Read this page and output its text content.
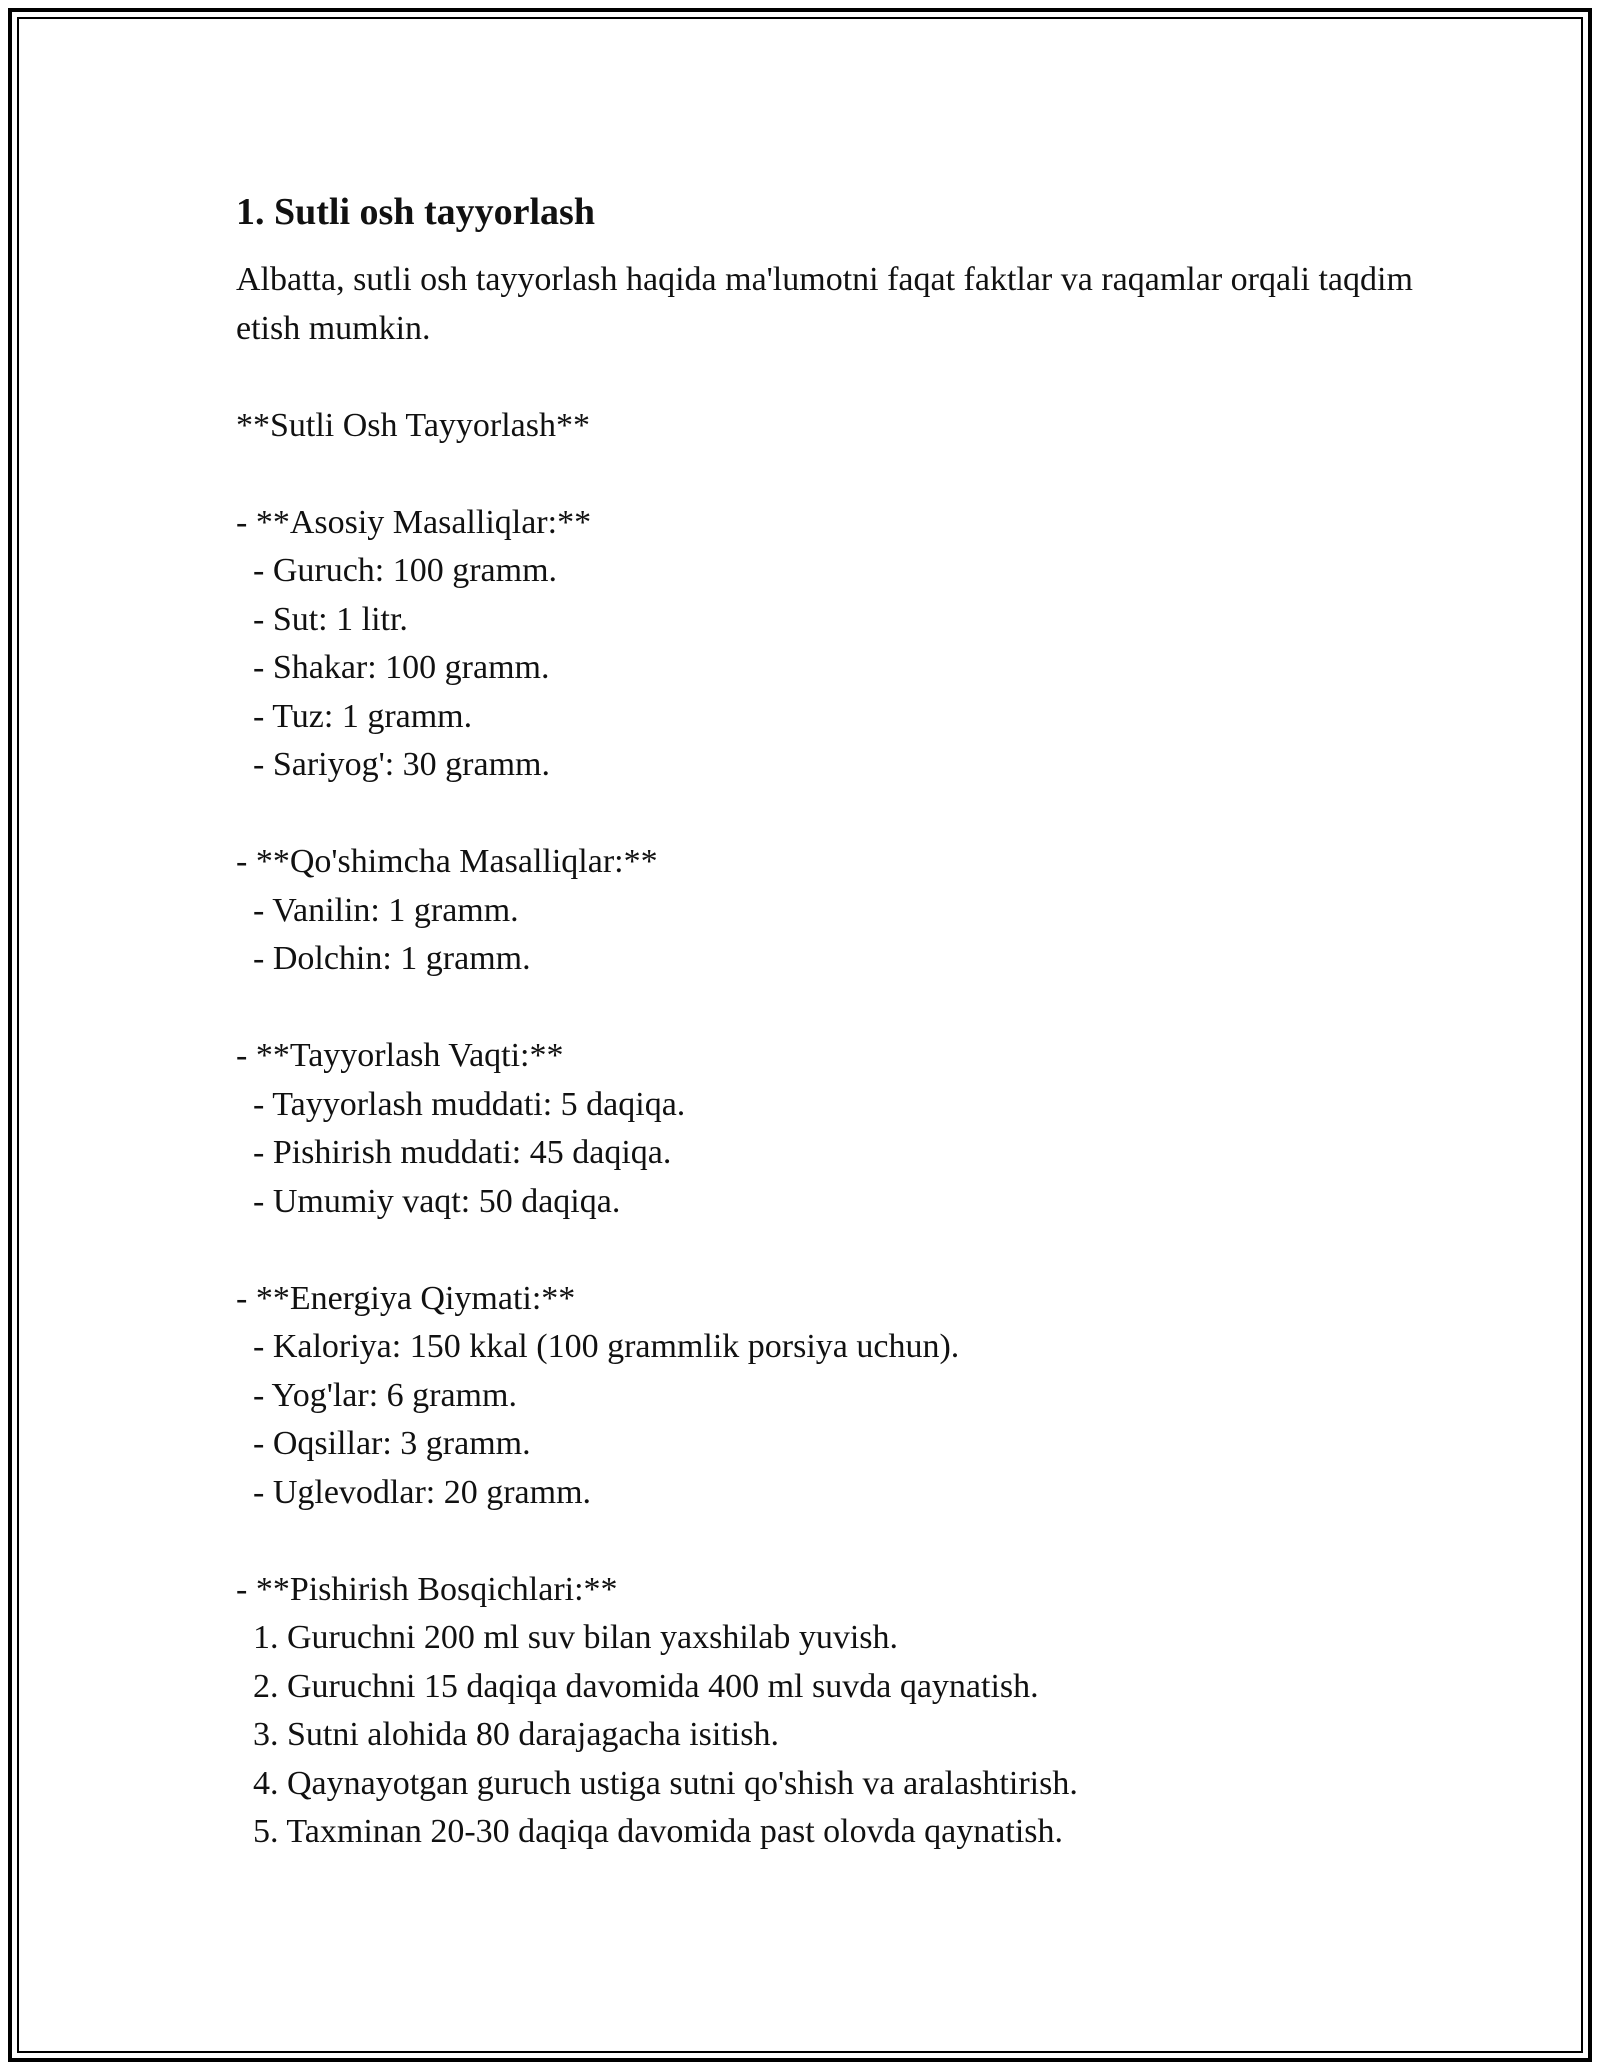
1. Sutli osh tayyorlash

Albatta, sutli osh tayyorlash haqida ma'lumotni faqat faktlar va raqamlar orqali taqdim etish mumkin.

**Sutli Osh Tayyorlash**

- **Asosiy Masalliqlar:**

- Guruch: 100 gramm.

- Sut: 1 litr.

- Shakar: 100 gramm.

- Tuz: 1 gramm.

- Sariyog': 30 gramm.

- **Qo'shimcha Masalliqlar:**

- Vanilin: 1 gramm.

- Dolchin: 1 gramm.

- **Tayyorlash Vaqti:**

- Tayyorlash muddati: 5 daqiqa.

- Pishirish muddati: 45 daqiqa.

- Umumiy vaqt: 50 daqiqa.

- **Energiya Qiymati:**

- Kaloriya: 150 kkal (100 grammlik porsiya uchun).

- Yog'lar: 6 gramm.

- Oqsillar: 3 gramm.

- Uglevodlar: 20 gramm.

- **Pishirish Bosqichlari:**

1. Guruchni 200 ml suv bilan yaxshilab yuvish.

2. Guruchni 15 daqiqa davomida 400 ml suvda qaynatish.

3. Sutni alohida 80 darajagacha isitish.

4. Qaynayotgan guruch ustiga sutni qo'shish va aralashtirish.

5. Taxminan 20-30 daqiqa davomida past olovda qaynatish.
